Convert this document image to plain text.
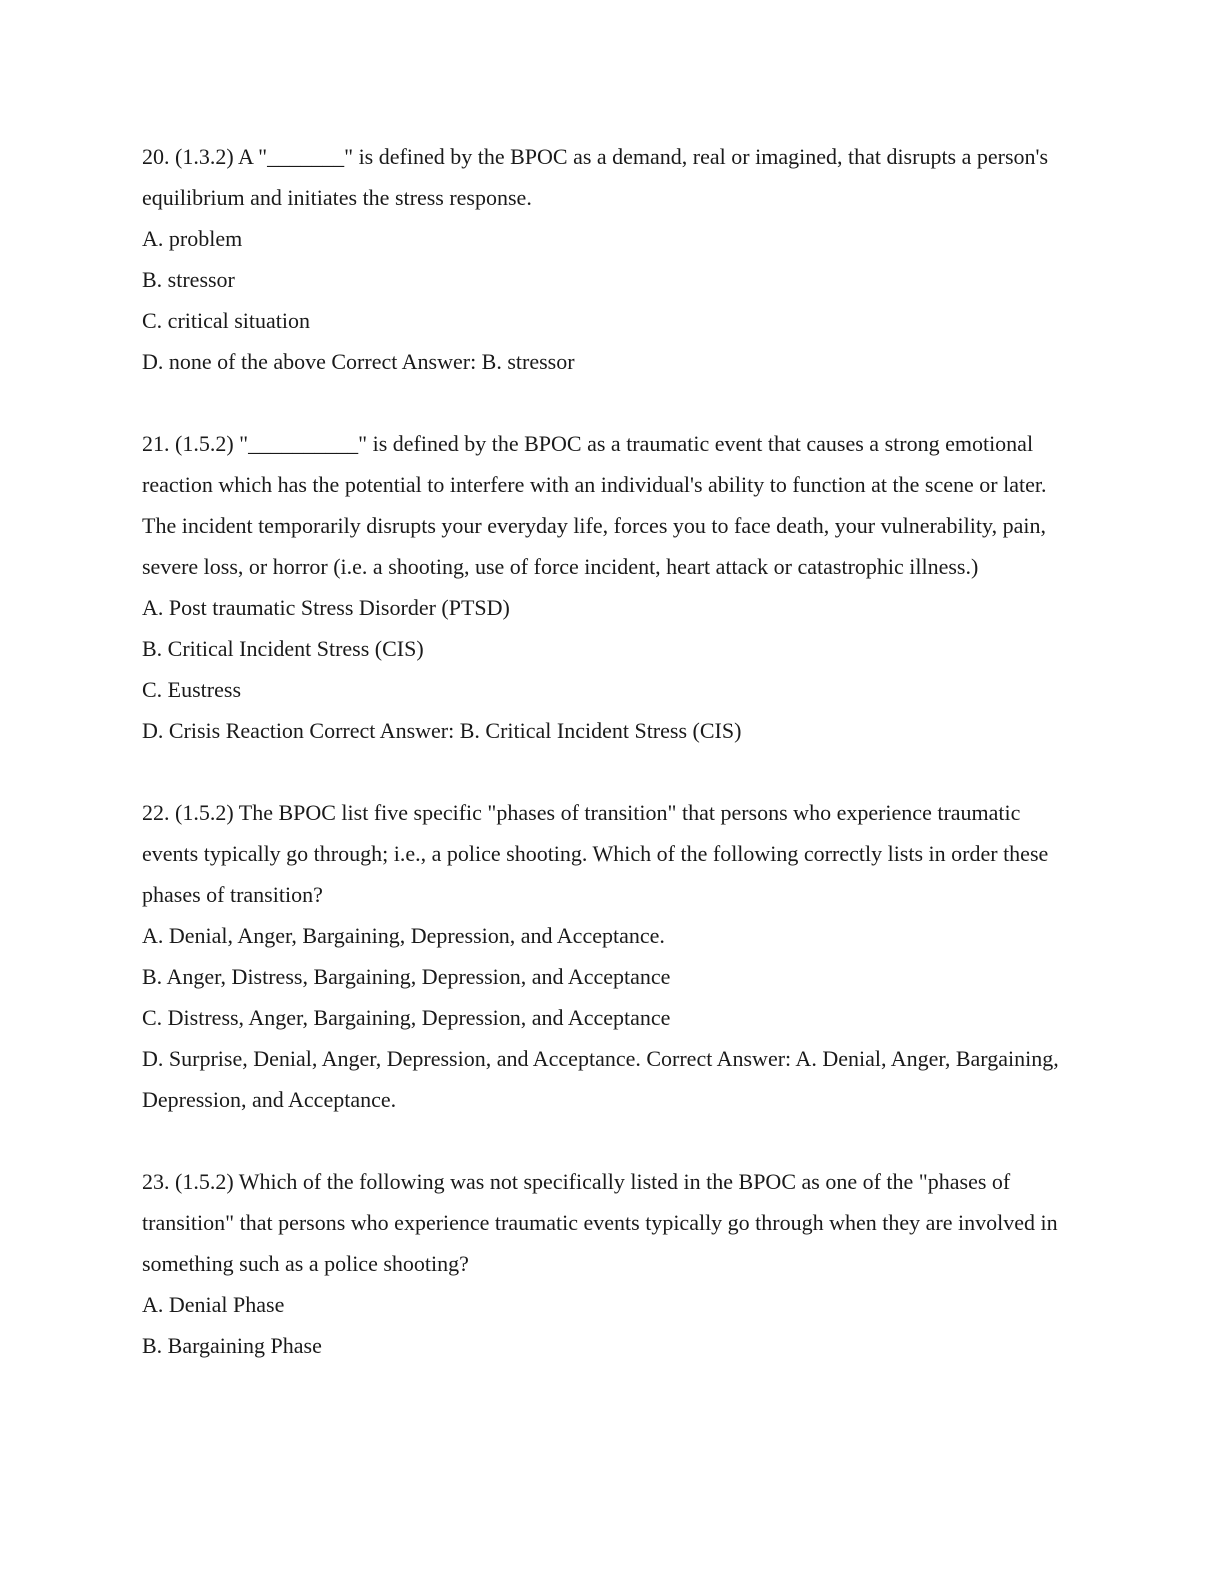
20. (1.3.2) A "_______" is defined by the BPOC as a demand, real or imagined, that disrupts a person's equilibrium and initiates the stress response.

A. problem

B. stressor

C. critical situation

D. none of the above Correct Answer: B. stressor

21. (1.5.2) "__________" is defined by the BPOC as a traumatic event that causes a strong emotional reaction which has the potential to interfere with an individual's ability to function at the scene or later. The incident temporarily disrupts your everyday life, forces you to face death, your vulnerability, pain, severe loss, or horror (i.e. a shooting, use of force incident, heart attack or catastrophic illness.)

A. Post traumatic Stress Disorder (PTSD)

B. Critical Incident Stress (CIS)

C. Eustress

D. Crisis Reaction Correct Answer: B. Critical Incident Stress (CIS)

22. (1.5.2) The BPOC list five specific "phases of transition" that persons who experience traumatic events typically go through; i.e., a police shooting. Which of the following correctly lists in order these phases of transition?

A. Denial, Anger, Bargaining, Depression, and Acceptance.

B. Anger, Distress, Bargaining, Depression, and Acceptance

C. Distress, Anger, Bargaining, Depression, and Acceptance

D. Surprise, Denial, Anger, Depression, and Acceptance. Correct Answer: A. Denial, Anger, Bargaining, Depression, and Acceptance.

23. (1.5.2) Which of the following was not specifically listed in the BPOC as one of the "phases of transition" that persons who experience traumatic events typically go through when they are involved in something such as a police shooting?

A. Denial Phase

B. Bargaining Phase
